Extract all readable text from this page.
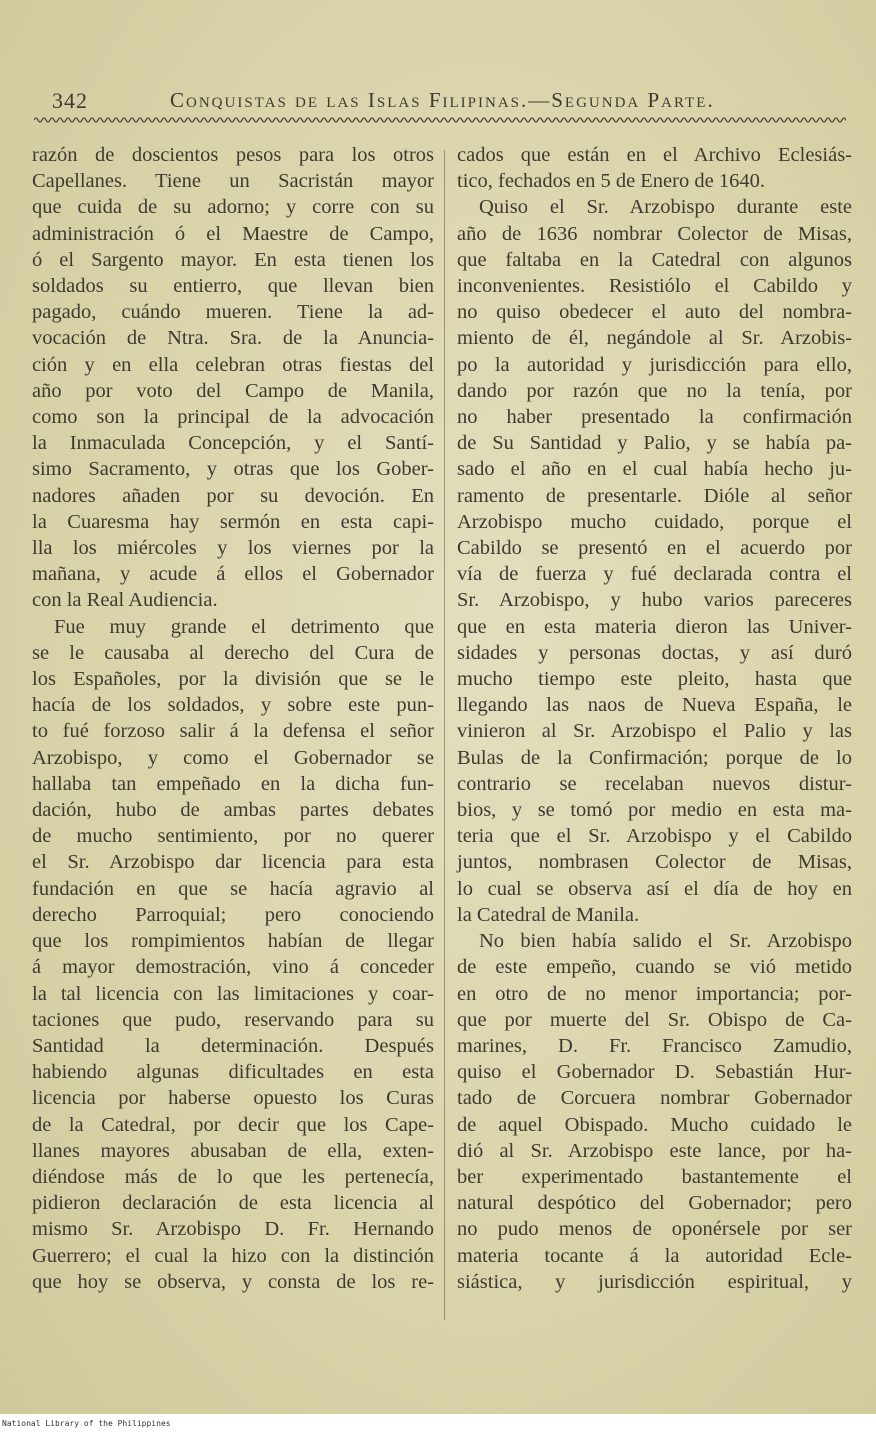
342	Conquistas de las Islas Filipinas.—Segunda Parte.
razón de doscientos pesos para los otros
Capellanes. Tiene un Sacristán mayor
que cuida de su adorno; y corre con su
administración ó el Maestre de Campo,
ó el Sargento mayor. En esta tienen los
soldados su entierro, que llevan bien
pagado, cuándo mueren. Tiene la ad-
vocación de Ntra. Sra. de la Anuncia-
ción y en ella celebran otras fiestas del
año por voto del Campo de Manila,
como son la principal de la advocación
la Inmaculada Concepción, y el Santí-
simo Sacramento, y otras que los Gober-
nadores añaden por su devoción. En
la Cuaresma hay sermón en esta capi-
lla los miércoles y los viernes por la
mañana, y acude á ellos el Gobernador
con la Real Audiencia.
Fue muy grande el detrimento que
se le causaba al derecho del Cura de
los Españoles, por la división que se le
hacía de los soldados, y sobre este pun-
to fué forzoso salir á la defensa el señor
Arzobispo, y como el Gobernador se
hallaba tan empeñado en la dicha fun-
dación, hubo de ambas partes debates
de mucho sentimiento, por no querer
el Sr. Arzobispo dar licencia para esta
fundación en que se hacía agravio al
derecho Parroquial; pero conociendo
que los rompimientos habían de llegar
á mayor demostración, vino á conceder
la tal licencia con las limitaciones y coar-
taciones que pudo, reservando para su
Santidad la determinación. Después
habiendo algunas dificultades en esta
licencia por haberse opuesto los Curas
de la Catedral, por decir que los Cape-
llanes mayores abusaban de ella, exten-
diéndose más de lo que les pertenecía,
pidieron declaración de esta licencia al
mismo Sr. Arzobispo D. Fr. Hernando
Guerrero; el cual la hizo con la distinción
que hoy se observa, y consta de los re-
cados que están en el Archivo Eclesiás-
tico, fechados en 5 de Enero de 1640.
Quiso el Sr. Arzobispo durante este
año de 1636 nombrar Colector de Misas,
que faltaba en la Catedral con algunos
inconvenientes. Resistiólo el Cabildo y
no quiso obedecer el auto del nombra-
miento de él, negándole al Sr. Arzobis-
po la autoridad y jurisdicción para ello,
dando por razón que no la tenía, por
no haber presentado la confirmación
de Su Santidad y Palio, y se había pa-
sado el año en el cual había hecho ju-
ramento de presentarle. Dióle al señor
Arzobispo mucho cuidado, porque el
Cabildo se presentó en el acuerdo por
vía de fuerza y fué declarada contra el
Sr. Arzobispo, y hubo varios pareceres
que en esta materia dieron las Univer-
sidades y personas doctas, y así duró
mucho tiempo este pleito, hasta que
llegando las naos de Nueva España, le
vinieron al Sr. Arzobispo el Palio y las
Bulas de la Confirmación; porque de lo
contrario se recelaban nuevos distur-
bios, y se tomó por medio en esta ma-
teria que el Sr. Arzobispo y el Cabildo
juntos, nombrasen Colector de Misas,
lo cual se observa así el día de hoy en
la Catedral de Manila.
No bien había salido el Sr. Arzobispo
de este empeño, cuando se vió metido
en otro de no menor importancia; por-
que por muerte del Sr. Obispo de Ca-
marines, D. Fr. Francisco Zamudio,
quiso el Gobernador D. Sebastián Hur-
tado de Corcuera nombrar Gobernador
de aquel Obispado. Mucho cuidado le
dió al Sr. Arzobispo este lance, por ha-
ber experimentado bastantemente el
natural despótico del Gobernador; pero
no pudo menos de oponérsele por ser
materia tocante á la autoridad Ecle-
siástica, y jurisdicción espiritual, y
National Library of the Philippines
